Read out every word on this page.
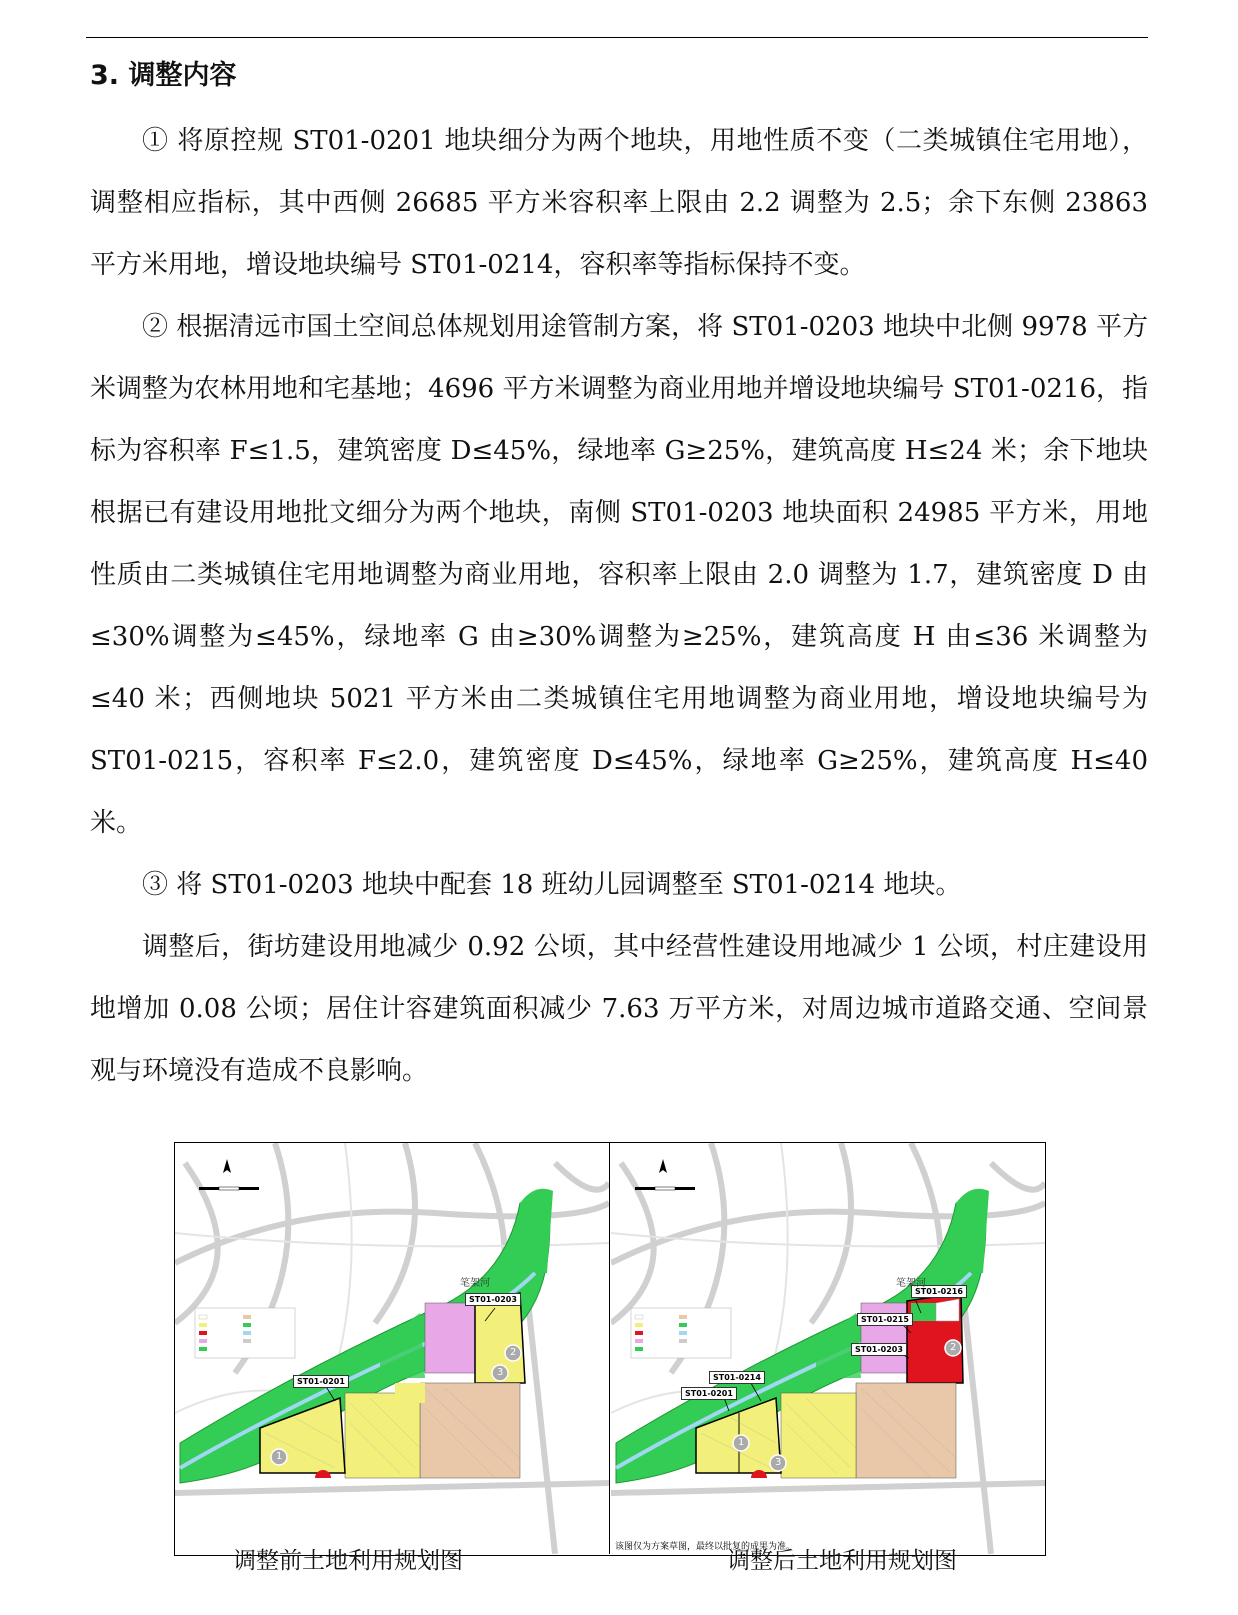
3. 调整内容

① 将原控规 ST01-0201 地块细分为两个地块，用地性质不变（二类城镇住宅用地），调整相应指标，其中西侧 26685 平方米容积率上限由 2.2 调整为 2.5；余下东侧 23863 平方米用地，增设地块编号 ST01-0214，容积率等指标保持不变。

② 根据清远市国土空间总体规划用途管制方案，将 ST01-0203 地块中北侧 9978 平方米调整为农林用地和宅基地；4696 平方米调整为商业用地并增设地块编号 ST01-0216，指标为容积率 F≤1.5，建筑密度 D≤45%，绿地率 G≥25%，建筑高度 H≤24 米；余下地块根据已有建设用地批文细分为两个地块，南侧 ST01-0203 地块面积 24985 平方米，用地性质由二类城镇住宅用地调整为商业用地，容积率上限由 2.0 调整为 1.7，建筑密度 D 由≤30%调整为≤45%，绿地率 G 由≥30%调整为≥25%，建筑高度 H 由≤36 米调整为≤40 米；西侧地块 5021 平方米由二类城镇住宅用地调整为商业用地，增设地块编号为 ST01-0215，容积率 F≤2.0，建筑密度 D≤45%，绿地率 G≥25%，建筑高度 H≤40 米。

③ 将 ST01-0203 地块中配套 18 班幼儿园调整至 ST01-0214 地块。

调整后，街坊建设用地减少 0.92 公顷，其中经营性建设用地减少 1 公顷，村庄建设用地增加 0.08 公顷；居住计容建筑面积减少 7.63 万平方米，对周边城市道路交通、空间景观与环境没有造成不良影响。

1
2
3
ST01-0203
ST01-0201
笔架河
1
2
3
ST01-0216
ST01-0215
ST01-0203
ST01-0214
ST01-0201
笔架河
该图仅为方案草图，最终以批复的成果为准。
调整前土地利用规划图	调整后土地利用规划图
